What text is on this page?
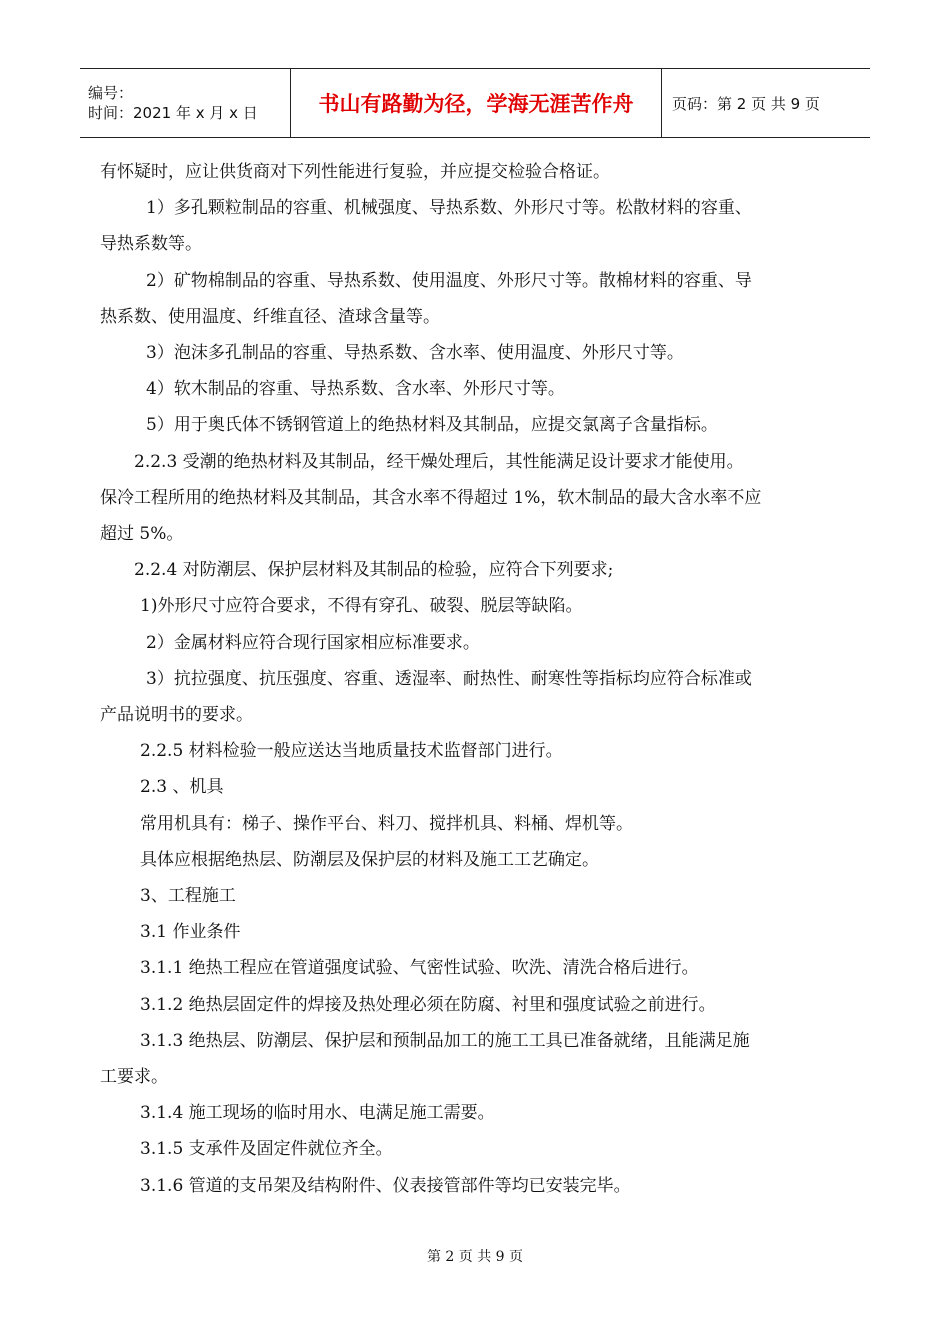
编号：
时间：2021 年 x 月 x 日	书山有路勤为径，学海无涯苦作舟	页码：第 2 页 共 9 页

有怀疑时，应让供货商对下列性能进行复验，并应提交检验合格证。

1）多孔颗粒制品的容重、机械强度、导热系数、外形尺寸等。松散材料的容重、

导热系数等。

2）矿物棉制品的容重、导热系数、使用温度、外形尺寸等。散棉材料的容重、导

热系数、使用温度、纤维直径、渣球含量等。

3）泡沫多孔制品的容重、导热系数、含水率、使用温度、外形尺寸等。

4）软木制品的容重、导热系数、含水率、外形尺寸等。

5）用于奥氏体不锈钢管道上的绝热材料及其制品，应提交氯离子含量指标。

2.2.3 受潮的绝热材料及其制品，经干燥处理后，其性能满足设计要求才能使用。

保冷工程所用的绝热材料及其制品，其含水率不得超过 1%，软木制品的最大含水率不应

超过 5%。

2.2.4 对防潮层、保护层材料及其制品的检验，应符合下列要求;

1)外形尺寸应符合要求，不得有穿孔、破裂、脱层等缺陷。

2）金属材料应符合现行国家相应标准要求。

3）抗拉强度、抗压强度、容重、透湿率、耐热性、耐寒性等指标均应符合标准或

产品说明书的要求。

2.2.5 材料检验一般应送达当地质量技术监督部门进行。

2.3 、机具

常用机具有：梯子、操作平台、料刀、搅拌机具、料桶、焊机等。

具体应根据绝热层、防潮层及保护层的材料及施工工艺确定。

3、工程施工

3.1 作业条件

3.1.1 绝热工程应在管道强度试验、气密性试验、吹洗、清洗合格后进行。

3.1.2 绝热层固定件的焊接及热处理必须在防腐、衬里和强度试验之前进行。

3.1.3 绝热层、防潮层、保护层和预制品加工的施工工具已准备就绪，且能满足施

工要求。

3.1.4 施工现场的临时用水、电满足施工需要。

3.1.5 支承件及固定件就位齐全。

3.1.6 管道的支吊架及结构附件、仪表接管部件等均已安装完毕。

第 2 页 共 9 页
